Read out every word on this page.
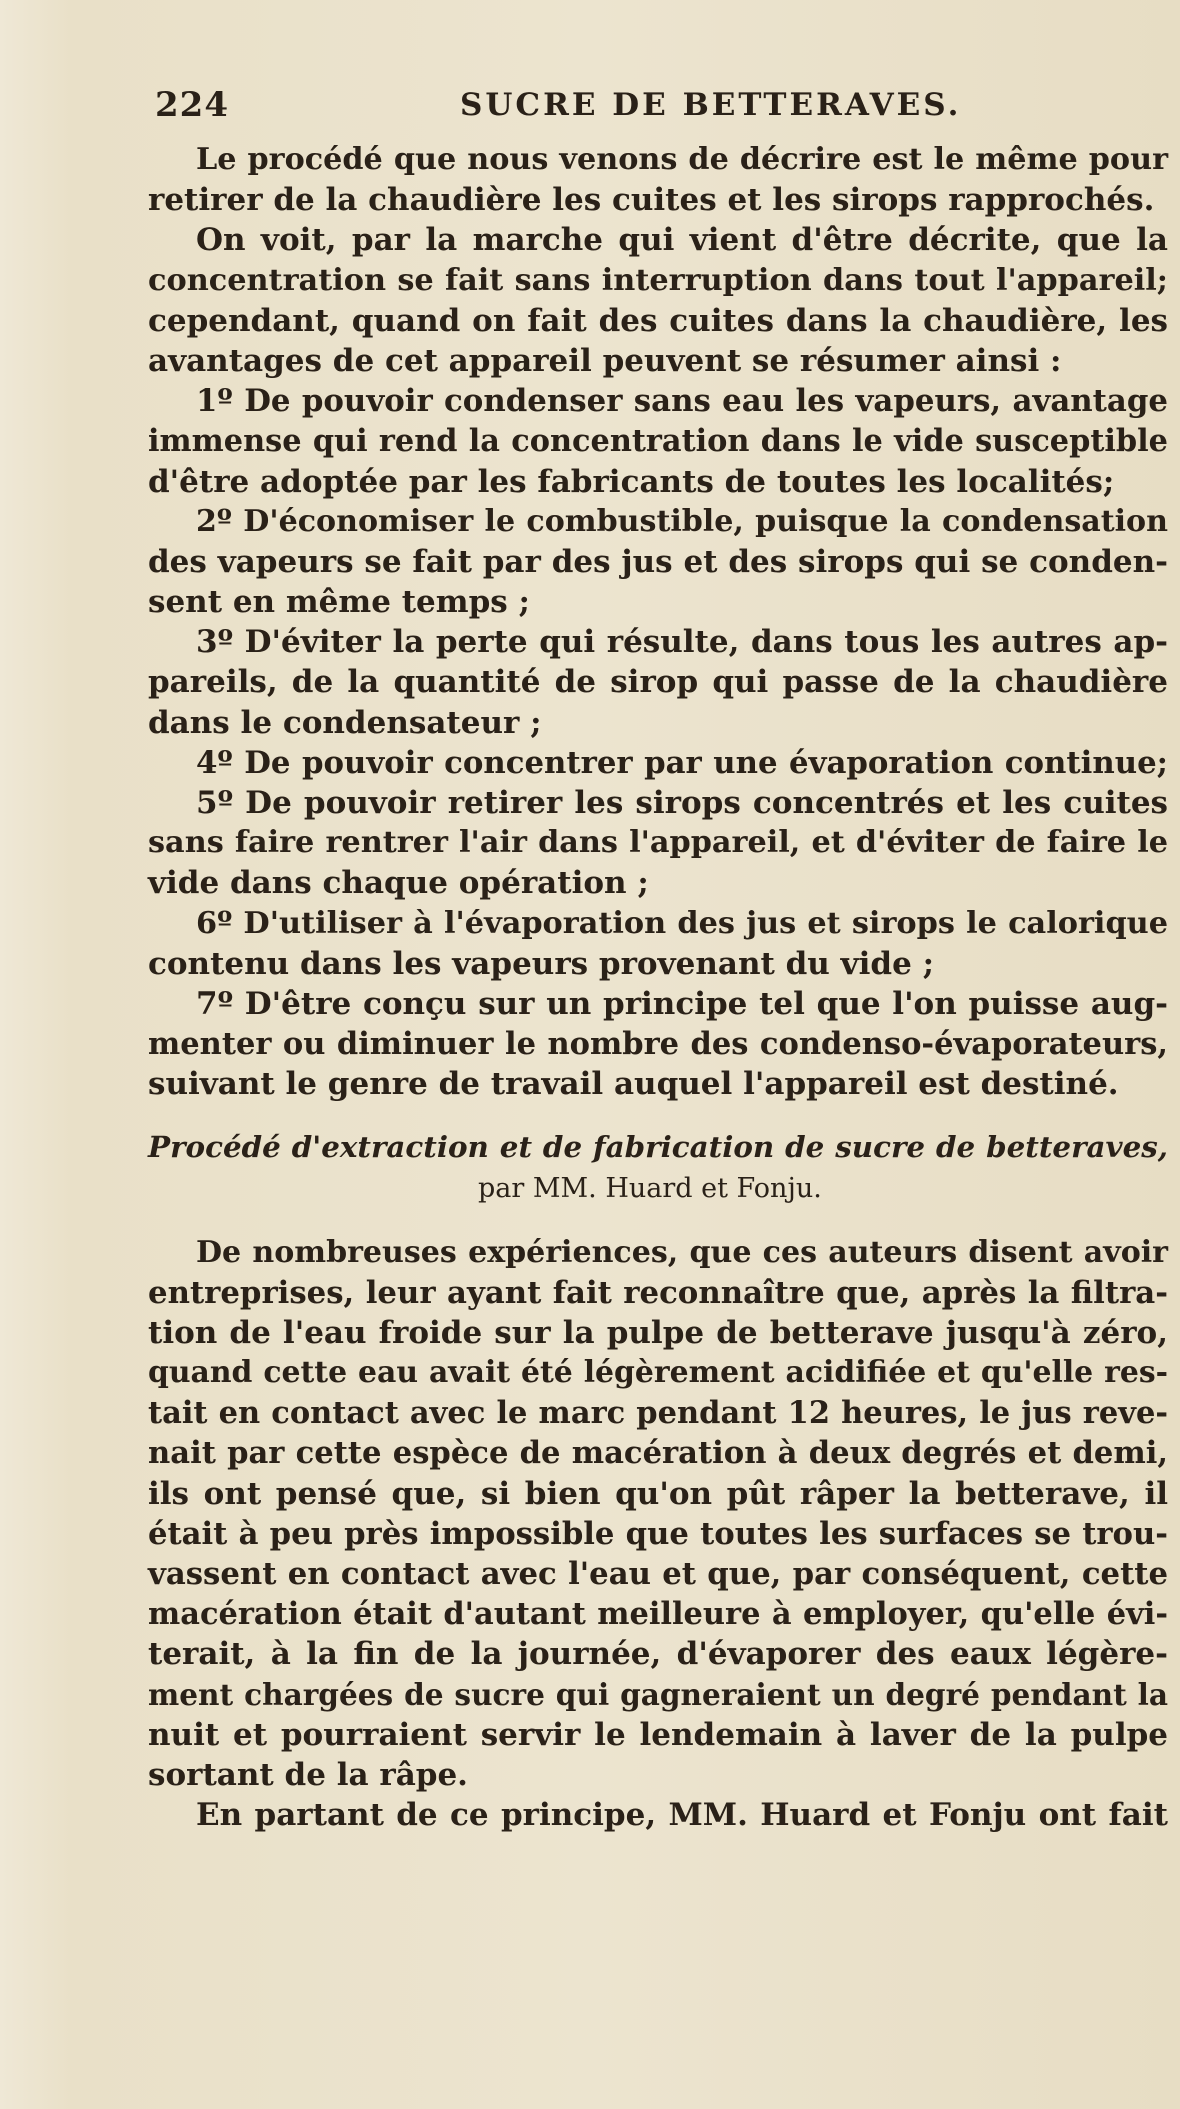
224	SUCRE DE BETTERAVES.
Le procédé que nous venons de décrire est le même pour
retirer de la chaudière les cuites et les sirops rapprochés.
On voit, par la marche qui vient d'être décrite, que la
concentration se fait sans interruption dans tout l'appareil;
cependant, quand on fait des cuites dans la chaudière, les
avantages de cet appareil peuvent se résumer ainsi :
1º De pouvoir condenser sans eau les vapeurs, avantage
immense qui rend la concentration dans le vide susceptible
d'être adoptée par les fabricants de toutes les localités;
2º D'économiser le combustible, puisque la condensation
des vapeurs se fait par des jus et des sirops qui se conden-
sent en même temps ;
3º D'éviter la perte qui résulte, dans tous les autres ap-
pareils, de la quantité de sirop qui passe de la chaudière
dans le condensateur ;
4º De pouvoir concentrer par une évaporation continue;
5º De pouvoir retirer les sirops concentrés et les cuites
sans faire rentrer l'air dans l'appareil, et d'éviter de faire le
vide dans chaque opération ;
6º D'utiliser à l'évaporation des jus et sirops le calorique
contenu dans les vapeurs provenant du vide ;
7º D'être conçu sur un principe tel que l'on puisse aug-
menter ou diminuer le nombre des condenso-évaporateurs,
suivant le genre de travail auquel l'appareil est destiné.
Procédé d'extraction et de fabrication de sucre de betteraves,
par MM. Huard et Fonju.
De nombreuses expériences, que ces auteurs disent avoir
entreprises, leur ayant fait reconnaître que, après la filtra-
tion de l'eau froide sur la pulpe de betterave jusqu'à zéro,
quand cette eau avait été légèrement acidifiée et qu'elle res-
tait en contact avec le marc pendant 12 heures, le jus reve-
nait par cette espèce de macération à deux degrés et demi,
ils ont pensé que, si bien qu'on pût râper la betterave, il
était à peu près impossible que toutes les surfaces se trou-
vassent en contact avec l'eau et que, par conséquent, cette
macération était d'autant meilleure à employer, qu'elle évi-
terait, à la fin de la journée, d'évaporer des eaux légère-
ment chargées de sucre qui gagneraient un degré pendant la
nuit et pourraient servir le lendemain à laver de la pulpe
sortant de la râpe.
En partant de ce principe, MM. Huard et Fonju ont fait
